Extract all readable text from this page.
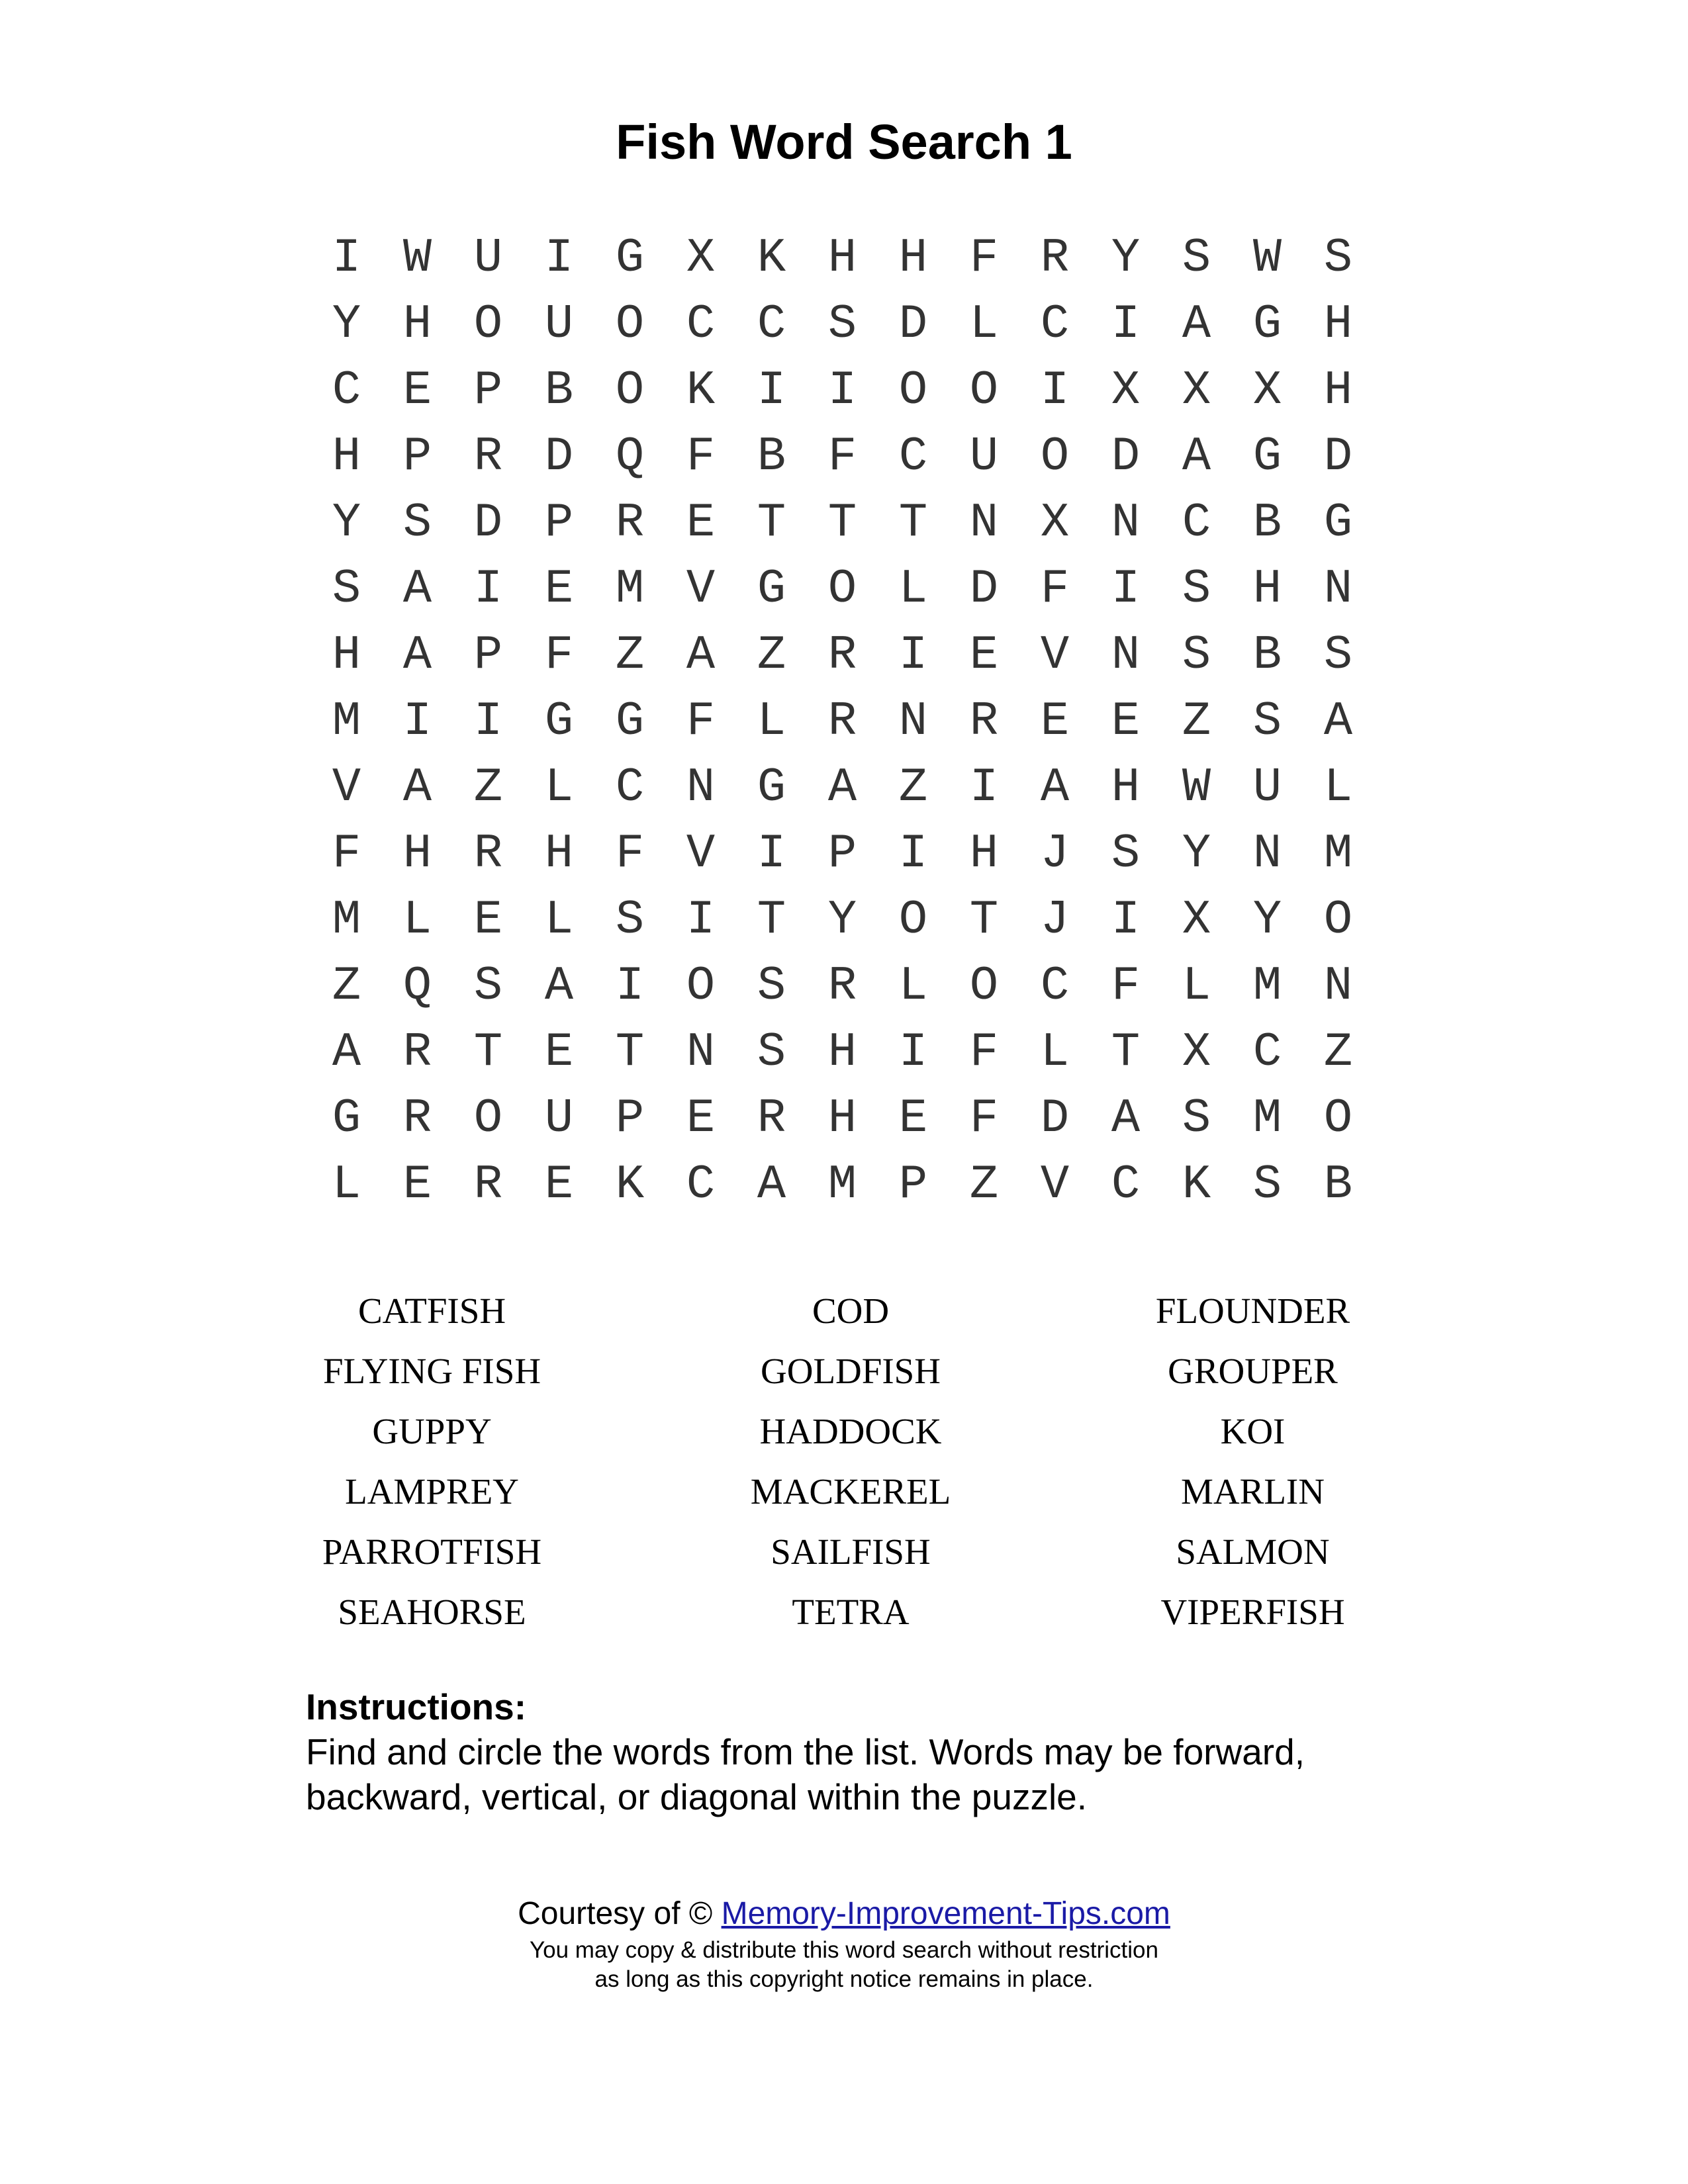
Fish Word Search 1
I W U I G X K H H F R Y S W S
Y H O U O C C S D L C I A G H
C E P B O K I I O O I X X X H
H P R D Q F B F C U O D A G D
Y S D P R E T T T N X N C B G
S A I E M V G O L D F I S H N
H A P F Z A Z R I E V N S B S
M I I G G F L R N R E E Z S A
V A Z L C N G A Z I A H W U L
F H R H F V I P I H J S Y N M
M L E L S I T Y O T J I X Y O
Z Q S A I O S R L O C F L M N
A R T E T N S H I F L T X C Z
G R O U P E R H E F D A S M O
L E R E K C A M P Z V C K S B
CATFISH	COD	FLOUNDER
FLYING FISH	GOLDFISH	GROUPER
GUPPY	HADDOCK	KOI
LAMPREY	MACKEREL	MARLIN
PARROTFISH	SAILFISH	SALMON
SEAHORSE	TETRA	VIPERFISH
Instructions:
Find and circle the words from the list. Words may be forward, backward, vertical, or diagonal within the puzzle.
Courtesy of © Memory-Improvement-Tips.com
You may copy & distribute this word search without restriction
as long as this copyright notice remains in place.
